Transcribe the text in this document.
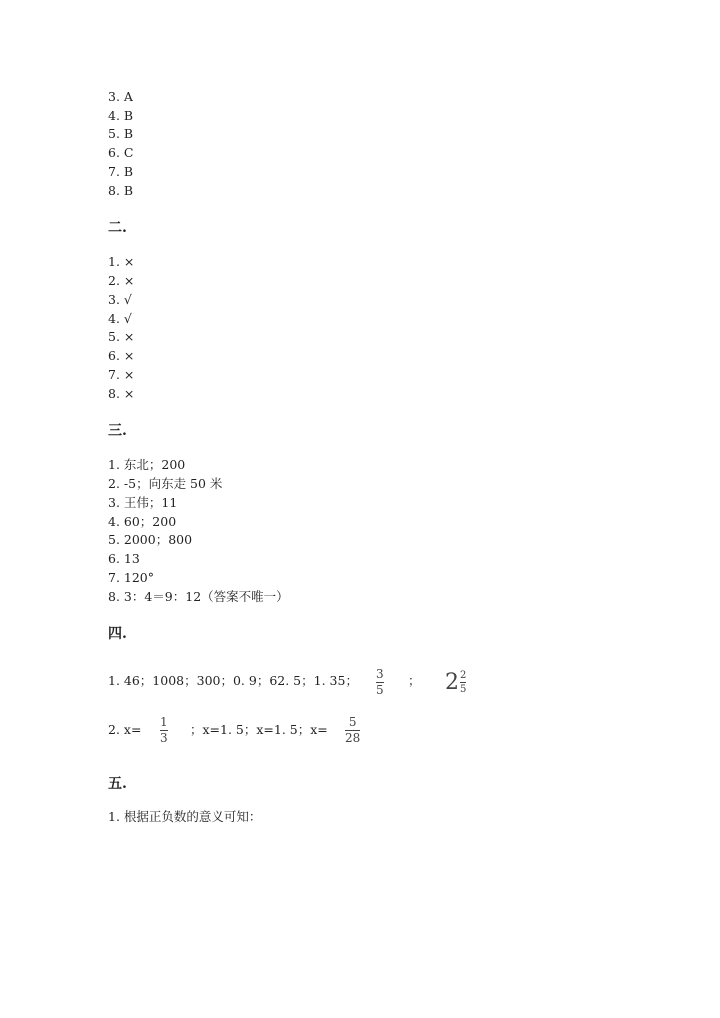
3. A
4. B
5. B
6. C
7. B
8. B
二.
1. ×
2. ×
3. √
4. √
5. ×
6. ×
7. ×
8. ×
三.
1. 东北；200
2. -5；向东走 50 米
3. 王伟；11
4. 60；200
5. 2000；800
6. 13
7. 120°
8. 3：4＝9：12（答案不唯一）
四.
1. 46；1008；300；0. 9；62. 5；1. 35； 3
5
； $2 \frac{2}{5}$
2. x= 1
3
；x=1. 5；x=1. 5；x= 5
28
五.
1. 根据正负数的意义可知：
